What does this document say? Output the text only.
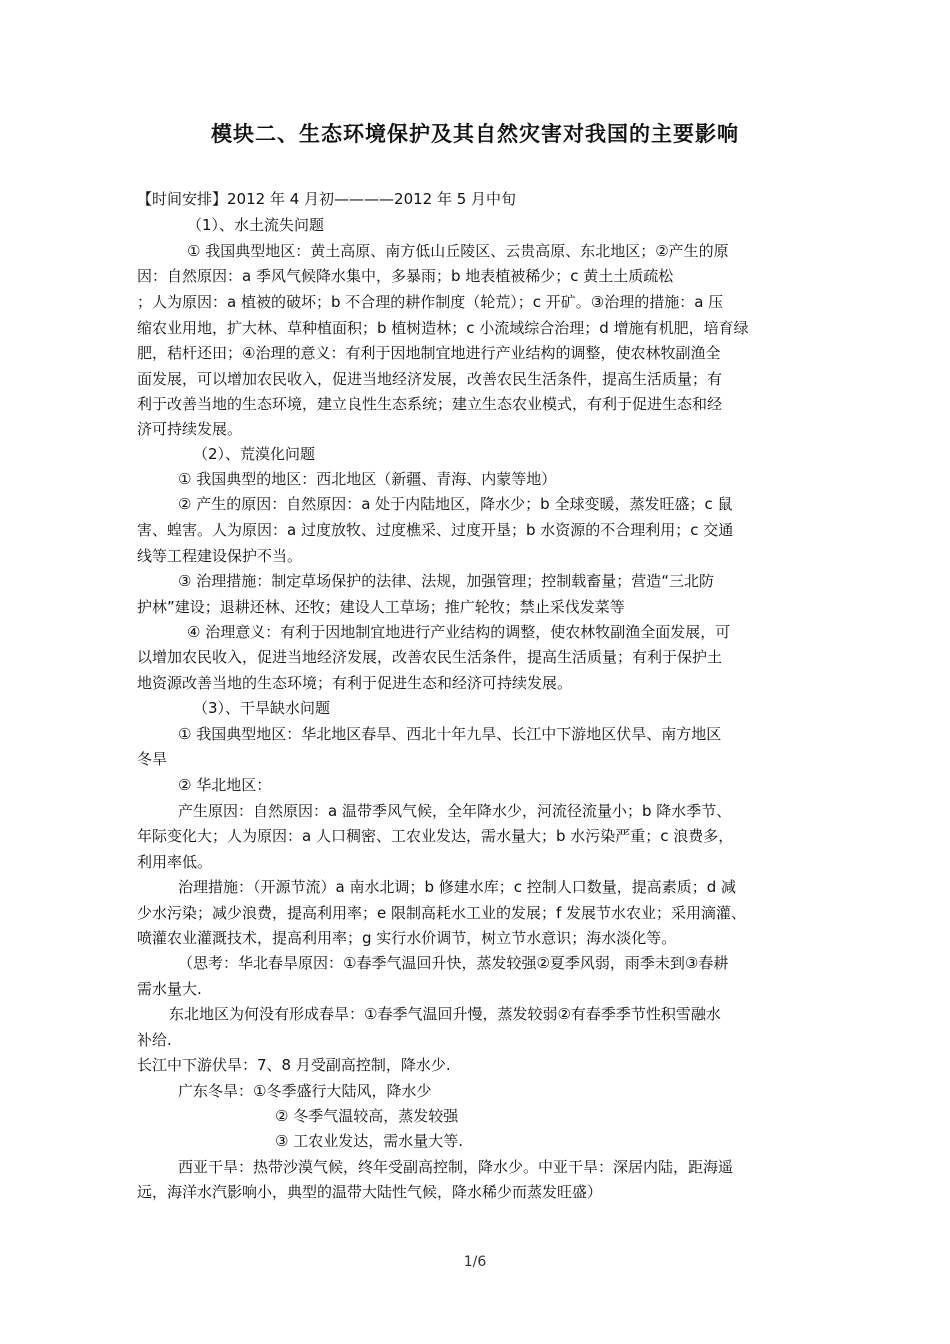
模块二、生态环境保护及其自然灾害对我国的主要影响
【时间安排】2012 年 4 月初————2012 年 5 月中旬
（1）、水土流失问题
① 我国典型地区：黄土高原、南方低山丘陵区、云贵高原、东北地区；②产生的原
因：自然原因：a 季风气候降水集中，多暴雨；b 地表植被稀少；c 黄土土质疏松
；人为原因：a 植被的破坏；b 不合理的耕作制度（轮荒）；c 开矿。③治理的措施：a 压
缩农业用地，扩大林、草种植面积；b 植树造林；c 小流域综合治理；d 增施有机肥，培育绿
肥，秸杆还田；④治理的意义：有利于因地制宜地进行产业结构的调整，使农林牧副渔全
面发展，可以增加农民收入，促进当地经济发展，改善农民生活条件，提高生活质量；有
利于改善当地的生态环境，建立良性生态系统；建立生态农业模式，有利于促进生态和经
济可持续发展。
（2）、荒漠化问题
① 我国典型的地区：西北地区（新疆、青海、内蒙等地）
② 产生的原因：自然原因：a 处于内陆地区，降水少；b 全球变暖，蒸发旺盛；c 鼠
害、蝗害。人为原因：a 过度放牧、过度樵采、过度开垦；b 水资源的不合理利用；c 交通
线等工程建设保护不当。
③ 治理措施：制定草场保护的法律、法规，加强管理；控制载畜量；营造“三北防
护林”建设；退耕还林、还牧；建设人工草场；推广轮牧；禁止采伐发菜等
④ 治理意义：有利于因地制宜地进行产业结构的调整，使农林牧副渔全面发展，可
以增加农民收入，促进当地经济发展，改善农民生活条件，提高生活质量；有利于保护土
地资源改善当地的生态环境；有利于促进生态和经济可持续发展。
（3）、干旱缺水问题
① 我国典型地区：华北地区春旱、西北十年九旱、长江中下游地区伏旱、南方地区
冬旱
② 华北地区：
产生原因：自然原因：a 温带季风气候，全年降水少，河流径流量小；b 降水季节、
年际变化大；人为原因：a 人口稠密、工农业发达，需水量大；b 水污染严重；c 浪费多，
利用率低。
治理措施：（开源节流）a 南水北调；b 修建水库；c 控制人口数量，提高素质；d 减
少水污染；减少浪费，提高利用率；e 限制高耗水工业的发展；f 发展节水农业；采用滴灌、
喷灌农业灌溉技术，提高利用率；g 实行水价调节，树立节水意识；海水淡化等。
（思考：华北春旱原因：①春季气温回升快，蒸发较强②夏季风弱，雨季未到③春耕
需水量大.
东北地区为何没有形成春旱：①春季气温回升慢，蒸发较弱②有春季季节性积雪融水
补给.
长江中下游伏旱：7、8 月受副高控制，降水少.
广东冬旱：①冬季盛行大陆风，降水少
② 冬季气温较高，蒸发较强
③ 工农业发达，需水量大等.
西亚干旱：热带沙漠气候，终年受副高控制，降水少。中亚干旱：深居内陆，距海遥
远，海洋水汽影响小，典型的温带大陆性气候，降水稀少而蒸发旺盛）
1/6
